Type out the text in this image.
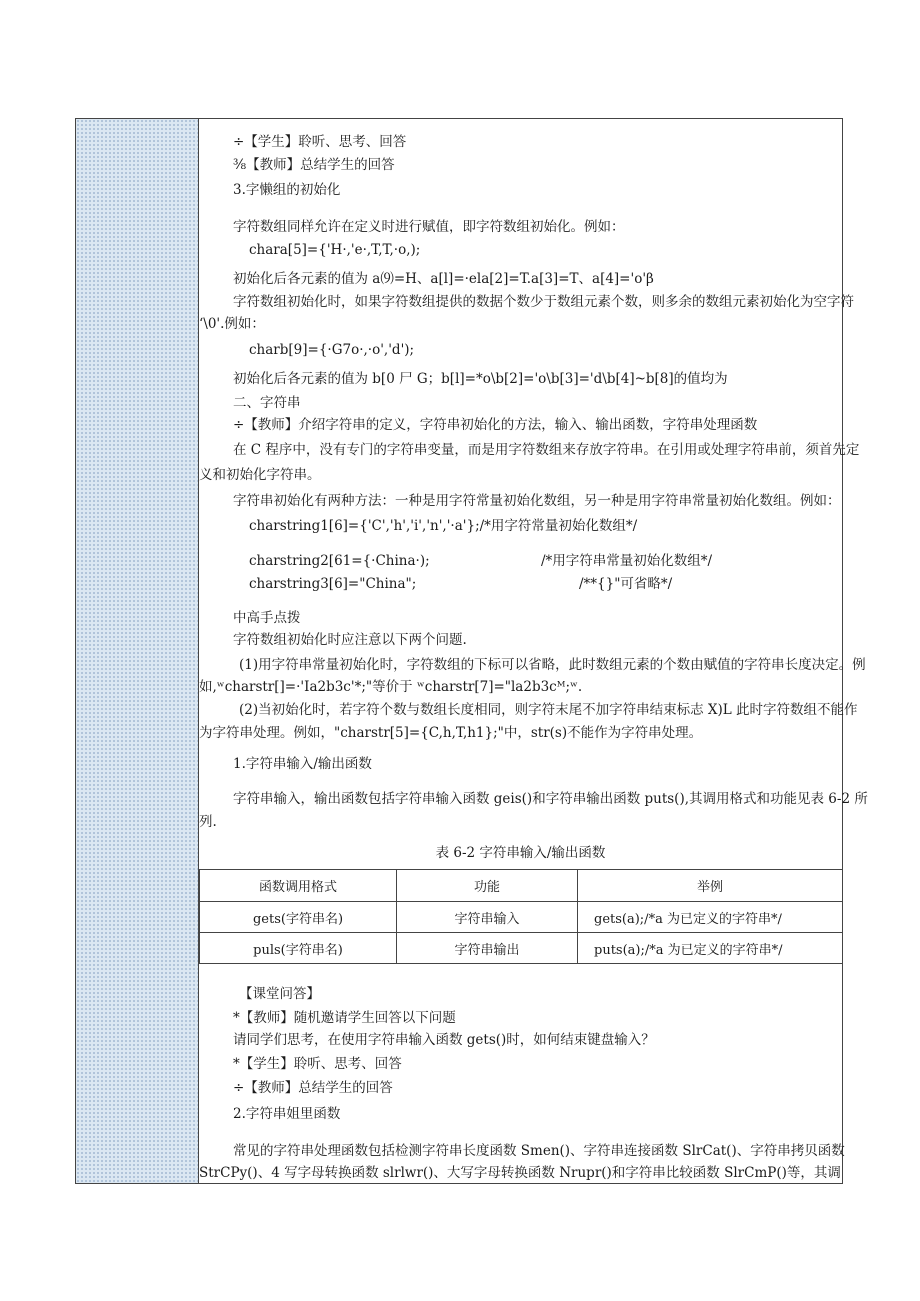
÷【学生】聆听、思考、回答
⅜【教师】总结学生的回答
3.字懒组的初始化
字符数组同样允许在定义时进行赋值，即字符数组初始化。例如：
chara[5]={'H·,'e·,T,T,·o,);
初始化后各元素的值为 a⑼=H、a[l]=·ela[2]=T.a[3]=T、a[4]='o'β
字符数组初始化时，如果字符数组提供的数据个数少于数组元素个数，则多余的数组元素初始化为空字符
‘\0'.例如：
charb[9]={·G7o·,·o','d');
初始化后各元素的值为 b[0 尸 G；b[l]=*o\b[2]='o\b[3]='d\b[4]~b[8]的值均为
二、字符串
÷【教师】介绍字符串的定义，字符串初始化的方法，输入、输出函数，字符串处理函数
在 C 程序中，没有专门的字符串变量，而是用字符数组来存放字符串。在引用或处理字符串前，须首先定
义和初始化字符串。
字符串初始化有两种方法：一种是用字符常量初始化数组，另一种是用字符串常量初始化数组。例如：
charstring1[6]={'C','h','i','n','·a'};/*用字符常量初始化数组*/
charstring2[61={·China·);	/*用字符串常量初始化数组*/
charstring3[6]="China";	/**{}"可省略*/
中高手点拨
字符数组初始化时应注意以下两个问题.
(1)用字符串常量初始化时，字符数组的下标可以省略，此时数组元素的个数由赋值的字符串长度决定。例
如,ʷcharstr[]=·'Ia2b3c'*;"等价于 ʷcharstr[7]="la2b3cᴹ;ʷ.
(2)当初始化时，若字符个数与数组长度相同，则字符末尾不加字符串结束标志 X)L 此时字符数组不能作
为字符串处理。例如，"charstr[5]={C,h,T,h1};"中，str(s)不能作为字符串处理。
1.字符串输入/输出函数
字符串输入，输出函数包括字符串输入函数 geis()和字符串输出函数 puts(),其调用格式和功能见表 6-2 所
列.
表 6-2 字符串输入/输出函数
函数调用格式	功能	举例
gets(字符串名)	字符串输入	gets(a);/*a 为已定义的字符串*/
puls(字符串名)	字符串输出	puts(a);/*a 为已定义的字符串*/
【课堂问答】
*【教师】随机邀请学生回答以下问题
请同学们思考，在使用字符串输入函数 gets()时，如何结束键盘输入？
*【学生】聆听、思考、回答
÷【教师】总结学生的回答
2.字符串姐里函数
常见的字符串处理函数包括检测字符串长度函数 Smen()、字符串连接函数 SlrCat()、字符串拷贝函数
StrCPy()、4 写字母转换函数 slrlwr()、大写字母转换函数 Nrupr()和字符串比较函数 SlrCmP()等，其调
